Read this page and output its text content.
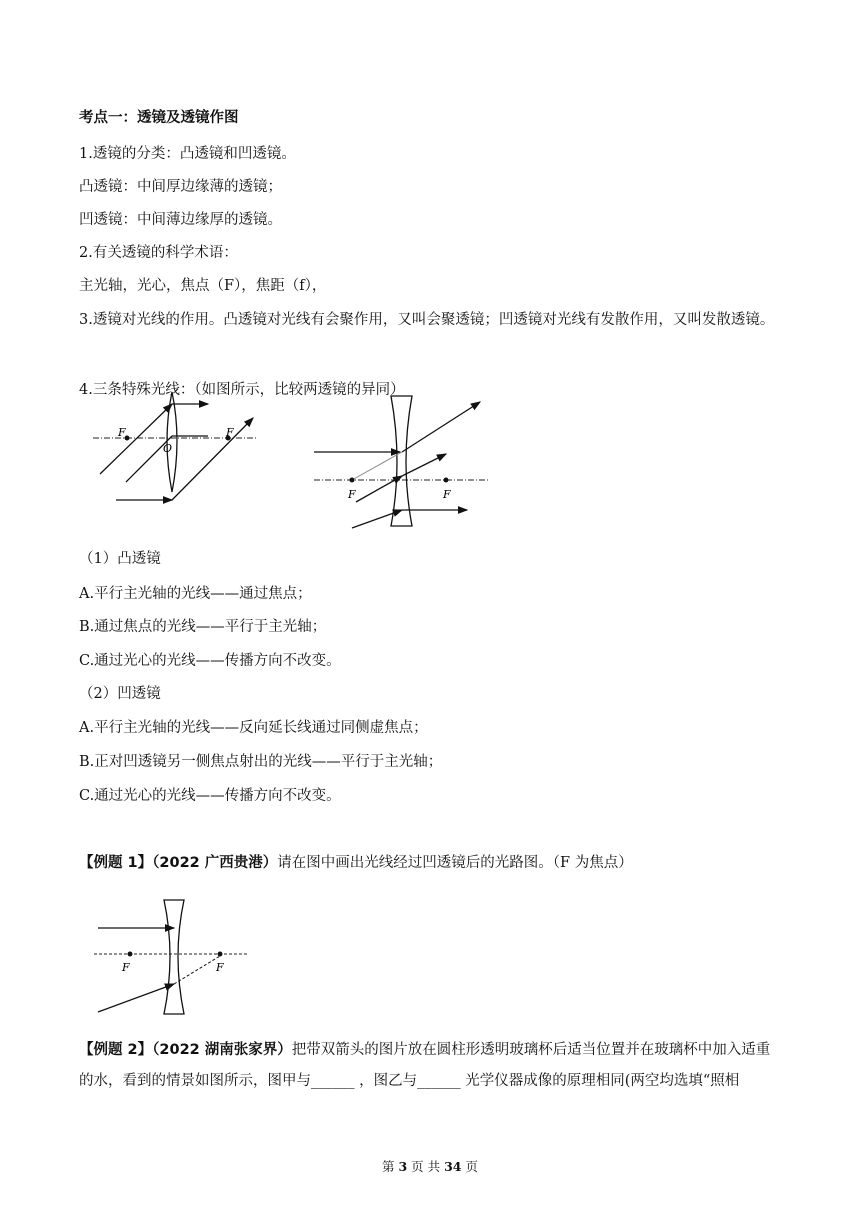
考点一：透镜及透镜作图
1.透镜的分类：凸透镜和凹透镜。
凸透镜：中间厚边缘薄的透镜；
凹透镜：中间薄边缘厚的透镜。
2.有关透镜的科学术语：
主光轴，光心，焦点（F），焦距（f），
3.透镜对光线的作用。凸透镜对光线有会聚作用，又叫会聚透镜；凹透镜对光线有发散作用，又叫发散透镜。
4.三条特殊光线：（如图所示，比较两透镜的异同）
F
O
F
F	F
（1）凸透镜
A.平行主光轴的光线——通过焦点；
B.通过焦点的光线——平行于主光轴；
C.通过光心的光线——传播方向不改变。
（2）凹透镜
A.平行主光轴的光线——反向延长线通过同侧虚焦点；
B.正对凹透镜另一侧焦点射出的光线——平行于主光轴；
C.通过光心的光线——传播方向不改变。
【例题 1】（2022 广西贵港）请在图中画出光线经过凹透镜后的光路图。（F 为焦点）
F	F
【例题 2】（2022 湖南张家界）把带双箭头的图片放在圆柱形透明玻璃杯后适当位置并在玻璃杯中加入适重的水，看到的情景如图所示，图甲与______ ，图乙与______ 光学仪器成像的原理相同(两空均选填“照相
第 3 页 共 34 页
